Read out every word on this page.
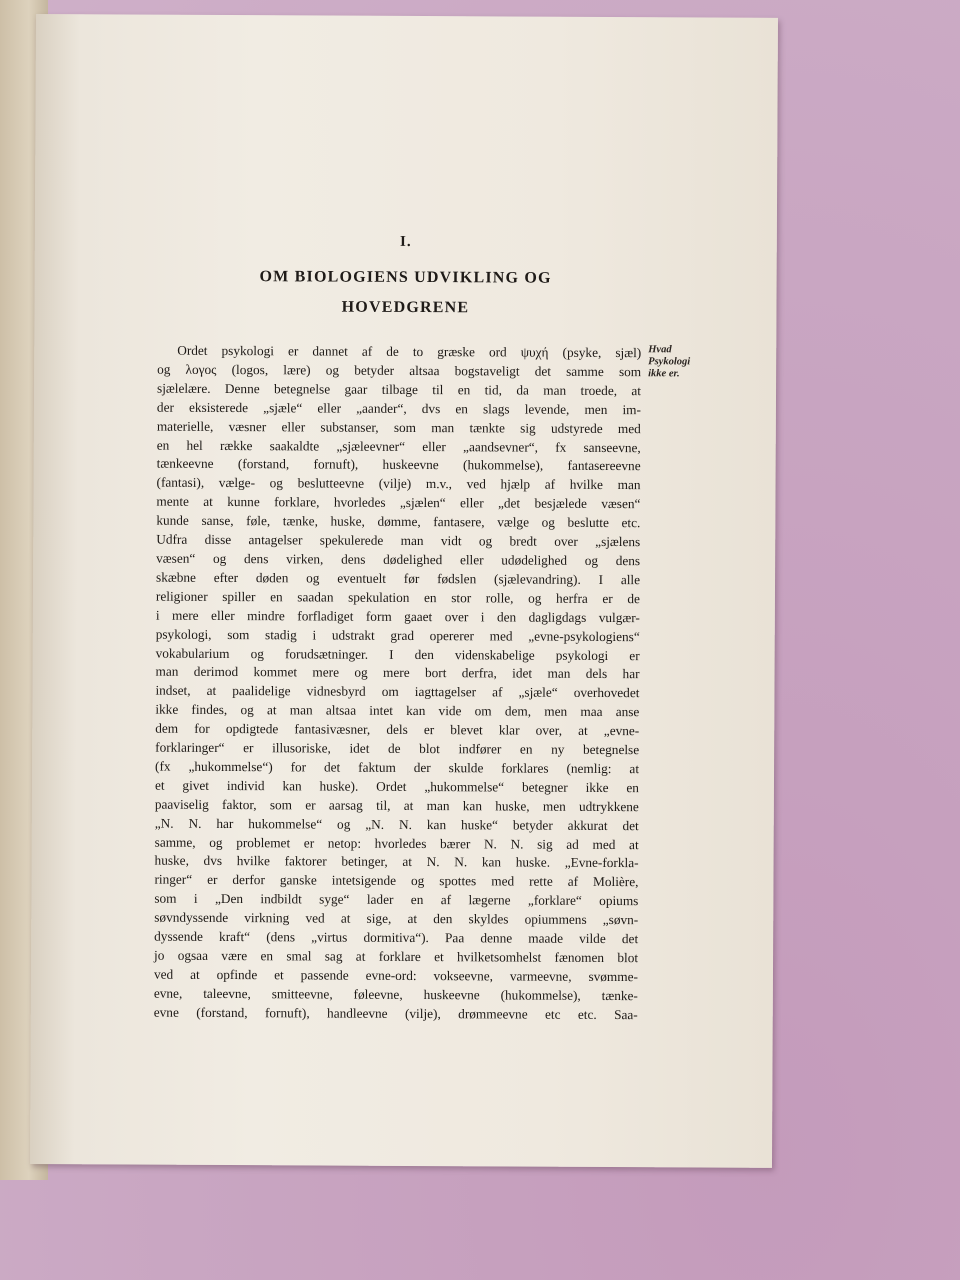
I.
OM BIOLOGIENS UDVIKLING OG
HOVEDGRENE
Hvad
Psykologi
ikke er.
Ordet psykologi er dannet af de to græske ord ψυχή (psyke, sjæl)
og λογος (logos, lære) og betyder altsaa bogstaveligt det samme som
sjælelære. Denne betegnelse gaar tilbage til en tid, da man troede, at
der eksisterede „sjæle“ eller „aander“, dvs en slags levende, men im-
materielle, væsner eller substanser, som man tænkte sig udstyrede med
en hel række saakaldte „sjæleevner“ eller „aandsevner“, fx sanseevne,
tænkeevne (forstand, fornuft), huskeevne (hukommelse), fantasereevne
(fantasi), vælge- og beslutteevne (vilje) m.v., ved hjælp af hvilke man
mente at kunne forklare, hvorledes „sjælen“ eller „det besjælede væsen“
kunde sanse, føle, tænke, huske, dømme, fantasere, vælge og beslutte etc.
Udfra disse antagelser spekulerede man vidt og bredt over „sjælens
væsen“ og dens virken, dens dødelighed eller udødelighed og dens
skæbne efter døden og eventuelt før fødslen (sjælevandring). I alle
religioner spiller en saadan spekulation en stor rolle, og herfra er de
i mere eller mindre forfladiget form gaaet over i den dagligdags vulgær-
psykologi, som stadig i udstrakt grad opererer med „evne-psykologiens“
vokabularium og forudsætninger. I den videnskabelige psykologi er
man derimod kommet mere og mere bort derfra, idet man dels har
indset, at paalidelige vidnesbyrd om iagttagelser af „sjæle“ overhovedet
ikke findes, og at man altsaa intet kan vide om dem, men maa anse
dem for opdigtede fantasivæsner, dels er blevet klar over, at „evne-
forklaringer“ er illusoriske, idet de blot indfører en ny betegnelse
(fx „hukommelse“) for det faktum der skulde forklares (nemlig: at
et givet individ kan huske). Ordet „hukommelse“ betegner ikke en
paaviselig faktor, som er aarsag til, at man kan huske, men udtrykkene
„N. N. har hukommelse“ og „N. N. kan huske“ betyder akkurat det
samme, og problemet er netop: hvorledes bærer N. N. sig ad med at
huske, dvs hvilke faktorer betinger, at N. N. kan huske. „Evne-forkla-
ringer“ er derfor ganske intetsigende og spottes med rette af Molière,
som i „Den indbildt syge“ lader en af lægerne „forklare“ opiums
søvndyssende virkning ved at sige, at den skyldes opiummens „søvn-
dyssende kraft“ (dens „virtus dormitiva“). Paa denne maade vilde det
jo ogsaa være en smal sag at forklare et hvilketsomhelst fænomen blot
ved at opfinde et passende evne-ord: vokseevne, varmeevne, svømme-
evne, taleevne, smitteevne, føleevne, huskeevne (hukommelse), tænke-
evne (forstand, fornuft), handleevne (vilje), drømmeevne etc etc. Saa-
